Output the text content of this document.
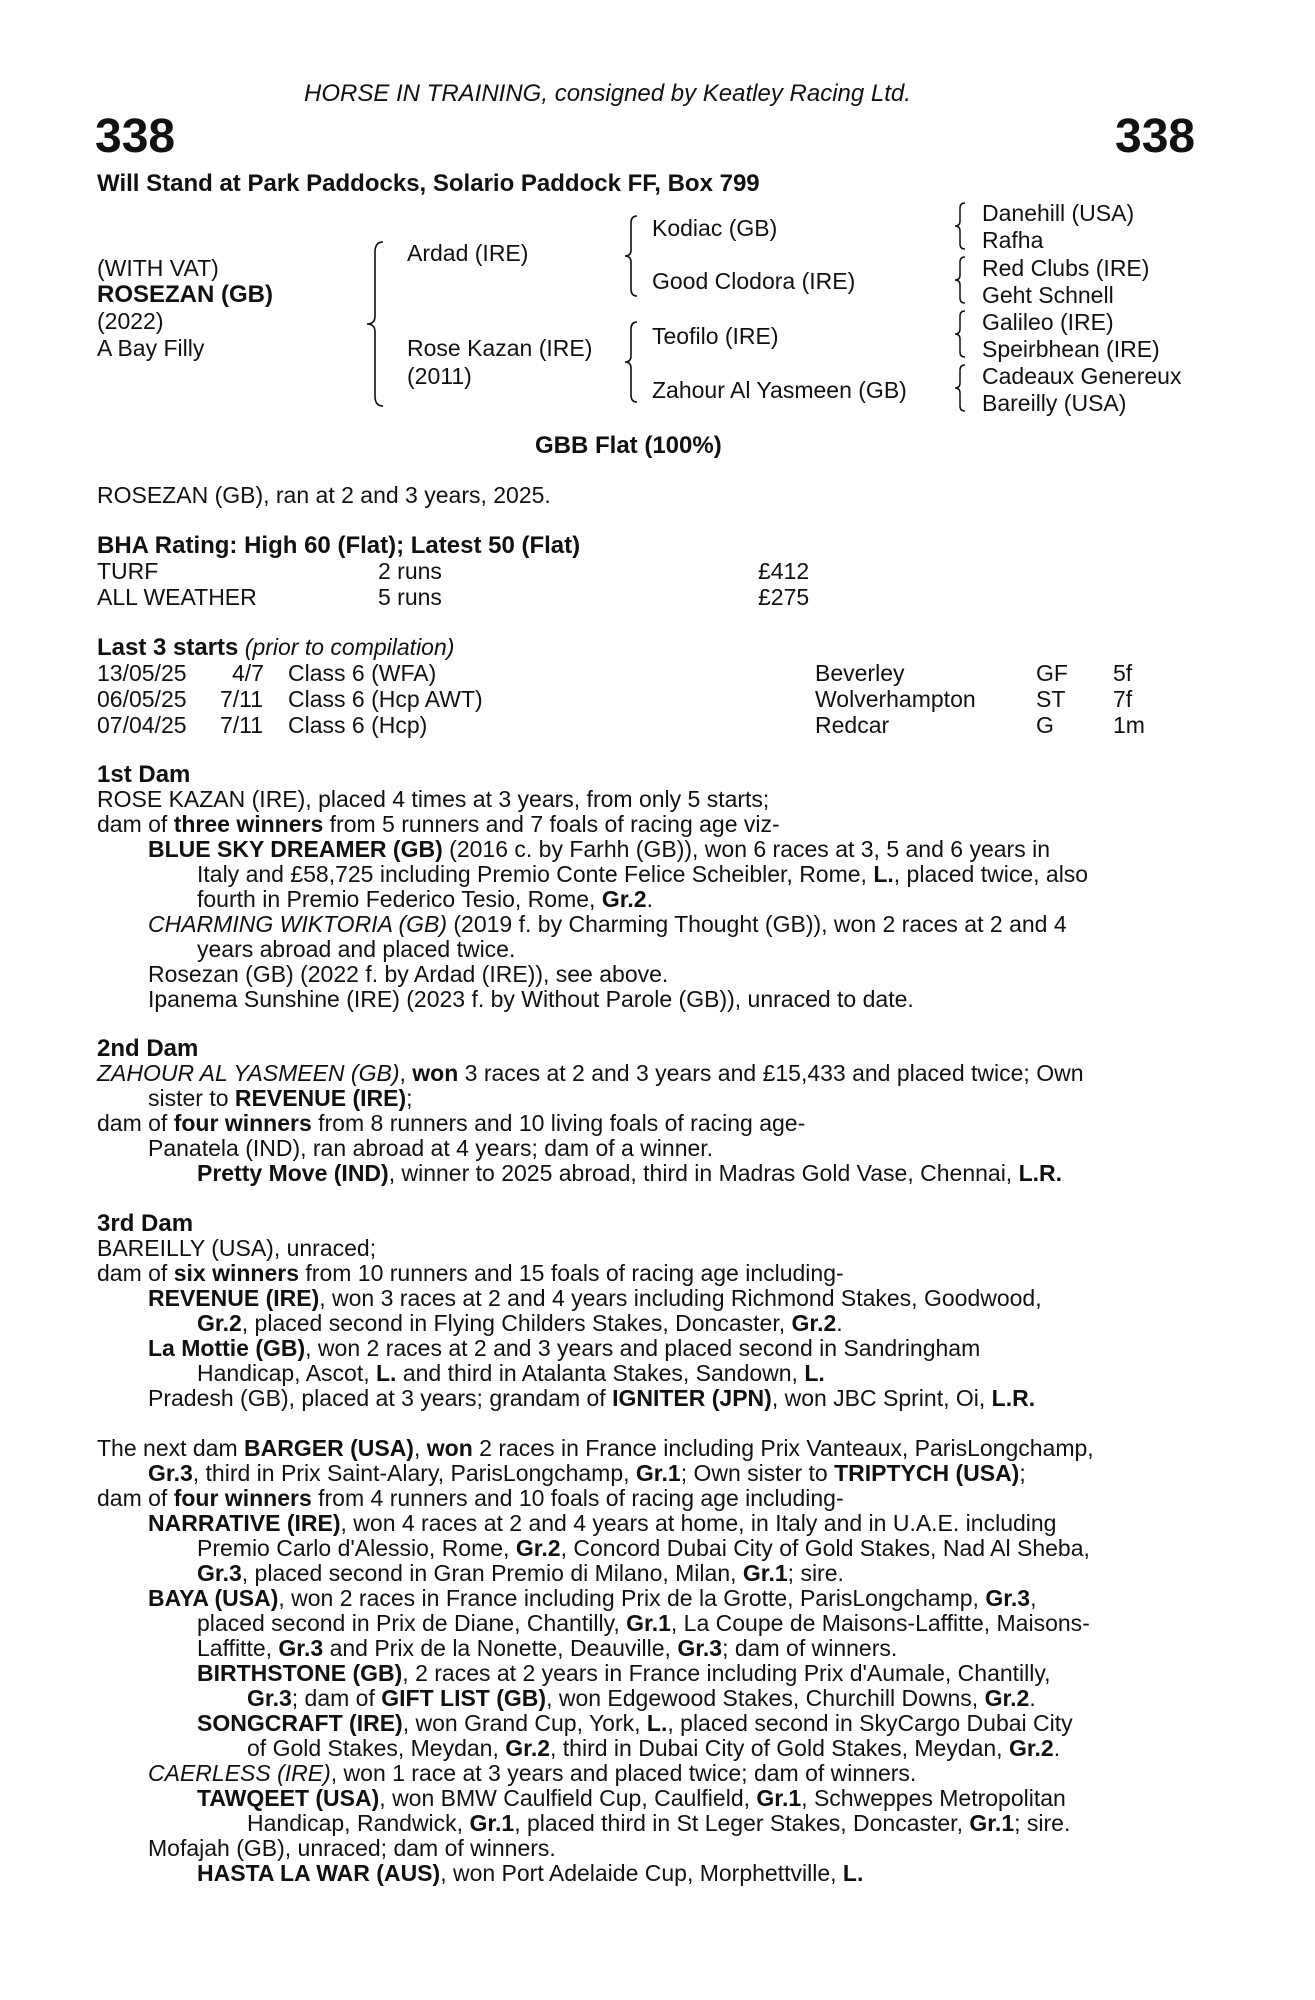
HORSE IN TRAINING, consigned by Keatley Racing Ltd.
338	338
Will Stand at Park Paddocks, Solario Paddock FF, Box 799
(WITH VAT)
ROSEZAN (GB)
(2022)
A Bay Filly
Ardad (IRE)
Rose Kazan (IRE)
(2011)
Kodiac (GB)
Good Clodora (IRE)
Teofilo (IRE)
Zahour Al Yasmeen (GB)
Danehill (USA)
Rafha
Red Clubs (IRE)
Geht Schnell
Galileo (IRE)
Speirbhean (IRE)
Cadeaux Genereux
Bareilly (USA)
GBB Flat (100%)
ROSEZAN (GB), ran at 2 and 3 years, 2025.
BHA Rating: High 60 (Flat); Latest 50 (Flat)
TURF	2 runs	£412
ALL WEATHER	5 runs	£275
Last 3 starts (prior to compilation)
13/05/25 4/7 Class 6 (WFA)	Beverley	GF 5f
06/05/25 7/11 Class 6 (Hcp AWT)	Wolverhampton	ST 7f
07/04/25 7/11 Class 6 (Hcp)	Redcar	G	1m
1st Dam
ROSE KAZAN (IRE), placed 4 times at 3 years, from only 5 starts;
dam of three winners from 5 runners and 7 foals of racing age viz-
BLUE SKY DREAMER (GB) (2016 c. by Farhh (GB)), won 6 races at 3, 5 and 6 years in
Italy and £58,725 including Premio Conte Felice Scheibler, Rome, L., placed twice, also
fourth in Premio Federico Tesio, Rome, Gr.2.
CHARMING WIKTORIA (GB) (2019 f. by Charming Thought (GB)), won 2 races at 2 and 4
years abroad and placed twice.
Rosezan (GB) (2022 f. by Ardad (IRE)), see above.
Ipanema Sunshine (IRE) (2023 f. by Without Parole (GB)), unraced to date.
2nd Dam
ZAHOUR AL YASMEEN (GB), won 3 races at 2 and 3 years and £15,433 and placed twice; Own
sister to REVENUE (IRE);
dam of four winners from 8 runners and 10 living foals of racing age-
Panatela (IND), ran abroad at 4 years; dam of a winner.
Pretty Move (IND), winner to 2025 abroad, third in Madras Gold Vase, Chennai, L.R.
3rd Dam
BAREILLY (USA), unraced;
dam of six winners from 10 runners and 15 foals of racing age including-
REVENUE (IRE), won 3 races at 2 and 4 years including Richmond Stakes, Goodwood,
Gr.2, placed second in Flying Childers Stakes, Doncaster, Gr.2.
La Mottie (GB), won 2 races at 2 and 3 years and placed second in Sandringham
Handicap, Ascot, L. and third in Atalanta Stakes, Sandown, L.
Pradesh (GB), placed at 3 years; grandam of IGNITER (JPN), won JBC Sprint, Oi, L.R.
The next dam BARGER (USA), won 2 races in France including Prix Vanteaux, ParisLongchamp,
Gr.3, third in Prix Saint-Alary, ParisLongchamp, Gr.1; Own sister to TRIPTYCH (USA);
dam of four winners from 4 runners and 10 foals of racing age including-
NARRATIVE (IRE), won 4 races at 2 and 4 years at home, in Italy and in U.A.E. including
Premio Carlo d'Alessio, Rome, Gr.2, Concord Dubai City of Gold Stakes, Nad Al Sheba,
Gr.3, placed second in Gran Premio di Milano, Milan, Gr.1; sire.
BAYA (USA), won 2 races in France including Prix de la Grotte, ParisLongchamp, Gr.3,
placed second in Prix de Diane, Chantilly, Gr.1, La Coupe de Maisons-Laffitte, Maisons-
Laffitte, Gr.3 and Prix de la Nonette, Deauville, Gr.3; dam of winners.
BIRTHSTONE (GB), 2 races at 2 years in France including Prix d'Aumale, Chantilly,
Gr.3; dam of GIFT LIST (GB), won Edgewood Stakes, Churchill Downs, Gr.2.
SONGCRAFT (IRE), won Grand Cup, York, L., placed second in SkyCargo Dubai City
of Gold Stakes, Meydan, Gr.2, third in Dubai City of Gold Stakes, Meydan, Gr.2.
CAERLESS (IRE), won 1 race at 3 years and placed twice; dam of winners.
TAWQEET (USA), won BMW Caulfield Cup, Caulfield, Gr.1, Schweppes Metropolitan
Handicap, Randwick, Gr.1, placed third in St Leger Stakes, Doncaster, Gr.1; sire.
Mofajah (GB), unraced; dam of winners.
HASTA LA WAR (AUS), won Port Adelaide Cup, Morphettville, L.
